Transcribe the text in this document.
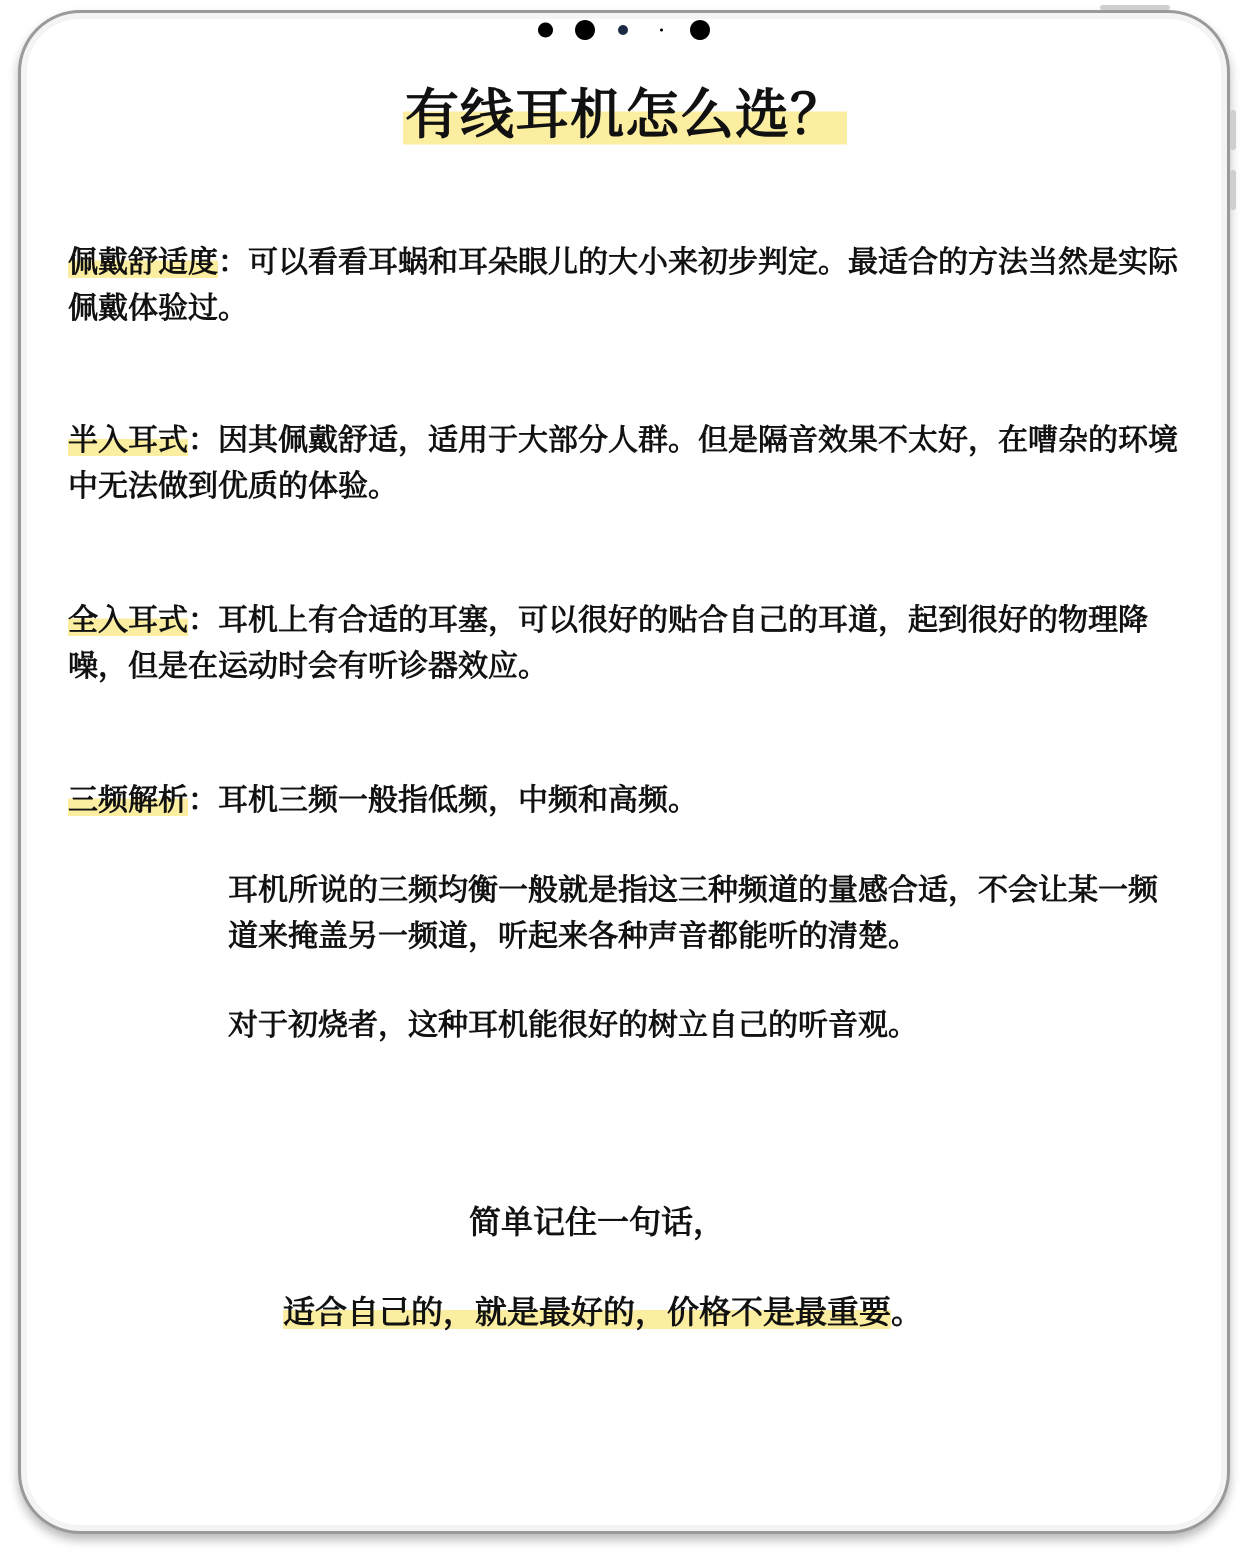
有线耳机怎么选？
佩戴舒适度：可以看看耳蜗和耳朵眼儿的大小来初步判定。最适合的方法当然是实际佩戴体验过。
半入耳式：因其佩戴舒适，适用于大部分人群。但是隔音效果不太好，在嘈杂的环境中无法做到优质的体验。
全入耳式：耳机上有合适的耳塞，可以很好的贴合自己的耳道，起到很好的物理降噪，但是在运动时会有听诊器效应。
三频解析：耳机三频一般指低频，中频和高频。
耳机所说的三频均衡一般就是指这三种频道的量感合适，不会让某一频道来掩盖另一频道，听起来各种声音都能听的清楚。
对于初烧者，这种耳机能很好的树立自己的听音观。
简单记住一句话，
适合自己的，就是最好的，价格不是最重要。
